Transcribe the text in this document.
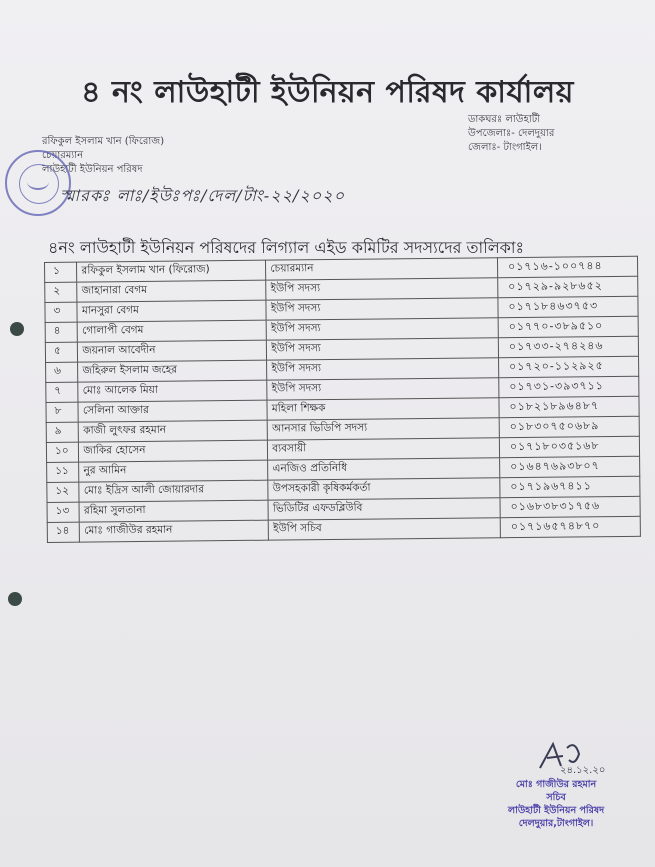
৪ নং লাউহাটী ইউনিয়ন পরিষদ কার্যালয়
রফিকুল ইসলাম খান (ফিরোজ)
চেয়ারম্যান
লাউহাটী ইউনিয়ন পরিষদ
ডাকঘরঃ লাউহাটী
উপজেলাঃ- দেলদুয়ার
জেলাঃ- টাংগাইল।
স্মারকঃ লাঃ/ইউঃপঃ/দেল/টাং-২২/২০২০
৪নং লাউহাটী ইউনিয়ন পরিষদের লিগ্যাল এইড কমিটির সদস্যদের তালিকাঃ
১	রফিকুল ইসলাম খান (ফিরোজ)	চেয়ারম্যান	০১৭১৬-১০০৭৪৪
২	জাহানারা বেগম	ইউপি সদস্য	০১৭২৯-৯২৮৬৫২
৩	মানসুরা বেগম	ইউপি সদস্য	০১৭১৮৪৬৩৭৫৩
৪	গোলাপী বেগম	ইউপি সদস্য	০১৭৭০-৩৮৯৫১০
৫	জয়নাল আবেদীন	ইউপি সদস্য	০১৭৩৩-২৭৪২৪৬
৬	জহিরুল ইসলাম জহের	ইউপি সদস্য	০১৭২০-১১২৯২৫
৭	মোঃ আলেক মিয়া	ইউপি সদস্য	০১৭৩১-৩৯৩৭১১
৮	সেলিনা আক্তার	মহিলা শিক্ষক	০১৮২১৮৯৬৪৮৭
৯	কাজী লুৎফর রহমান	আনসার ভিডিপি সদস্য	০১৮৩০৭৫০৬৮৯
১০	জাকির হোসেন	ব্যবসায়ী	০১৭১৮০৩৫১৬৮
১১	নুর আমিন	এনজিও প্রতিনিধি	০১৬৪৭৬৯৩৮০৭
১২	মোঃ ইদ্রিস আলী জোয়ারদার	উপসহকারী কৃষিকর্মকর্তা	০১৭১৯৬৭৪১১
১৩	রহিমা সুলতানা	ভিডিটির এফডব্লিউবি	০১৬৮৩৮৩১৭৫৬
১৪	মোঃ গাজীউর রহমান	ইউপি সচিব	০১৭১৬৫৭৪৮৭০
২৪.১২.২০
মোঃ গাজীউর রহমান
সচিব
লাউহাটী ইউনিয়ন পরিষদ
দেলদুয়ার,টাংগাইল।
